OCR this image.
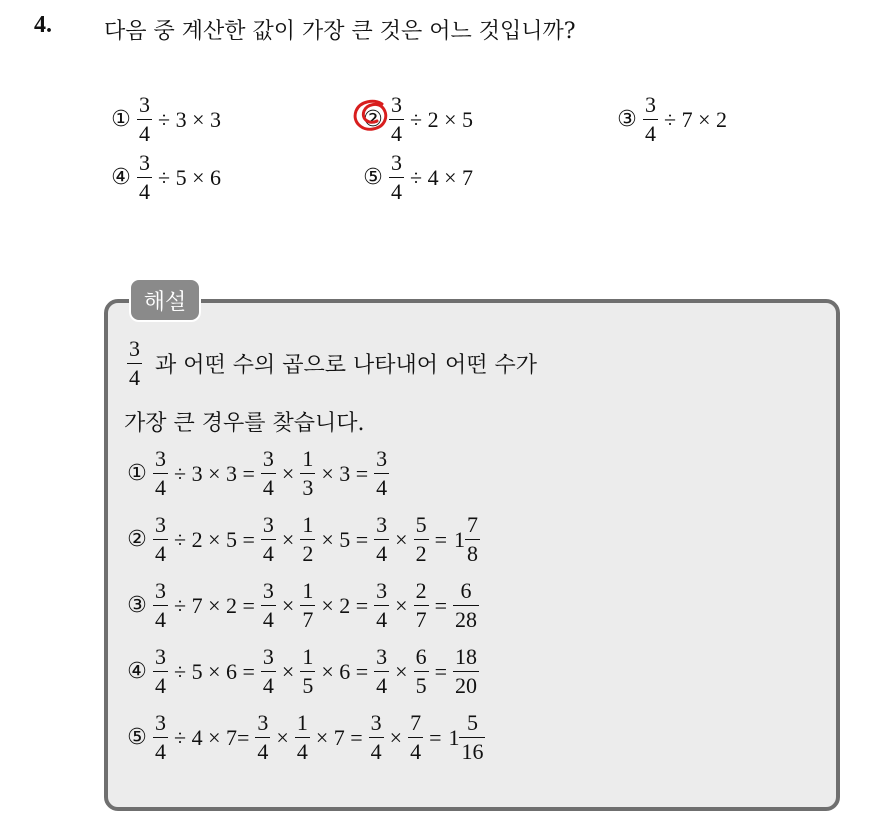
4. 다음 중 계산한 값이 가장 큰 것은 어느 것입니까?
① $\frac{3}{4} \div 3 \times 3$	② $\frac{3}{4} \div 2 \times 5$	③ $\frac{3}{4} \div 7 \times 2$
④ $\frac{3}{4} \div 5 \times 6$	⑤ $\frac{3}{4} \div 4 \times 7$
해설
$\frac{3}{4}$ 과 어떤 수의 곱으로 나타내어 어떤 수가
가장 큰 경우를 찾습니다.
① $\frac{3}{4} \div 3 \times 3 = \frac{3}{4} \times \frac{1}{3} \times 3 = \frac{3}{4}$
② $\frac{3}{4} \div 2 \times 5 = \frac{3}{4} \times \frac{1}{2} \times 5 = \frac{3}{4} \times \frac{5}{2} = 1 \frac{7}{8}$
③ $\frac{3}{4} \div 7 \times 2 = \frac{3}{4} \times \frac{1}{7} \times 2 = \frac{3}{4} \times \frac{2}{7} = \frac{6}{28}$
④ $\frac{3}{4} \div 5 \times 6 = \frac{3}{4} \times \frac{1}{5} \times 6 = \frac{3}{4} \times \frac{6}{5} = \frac{18}{20}$
⑤ $\frac{3}{4} \div 4 \times 7= \frac{3}{4} \times \frac{1}{4} \times 7 = \frac{3}{4} \times \frac{7}{4} = 1 \frac{5}{16}$
